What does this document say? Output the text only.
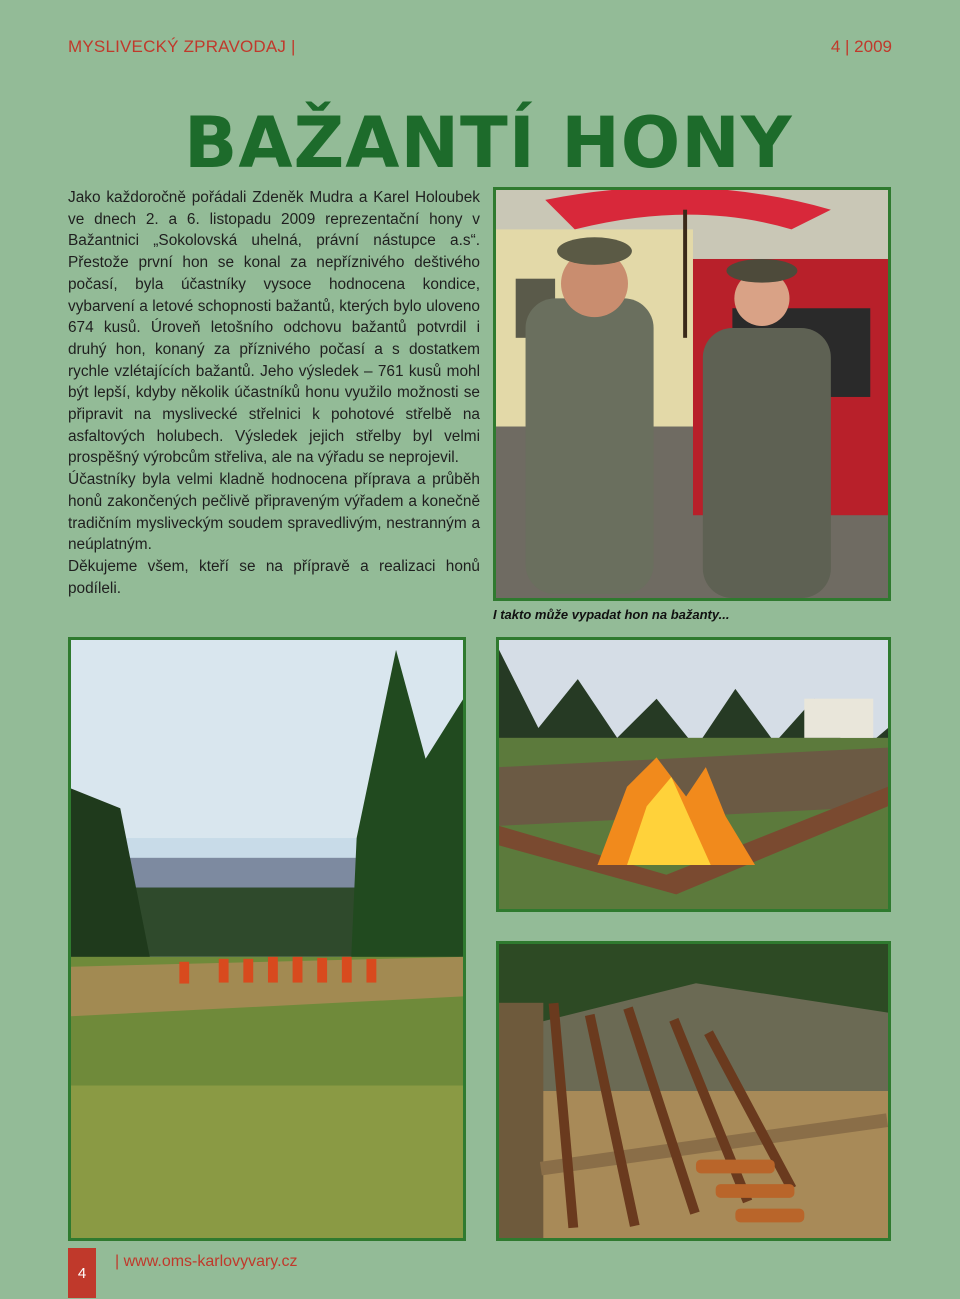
MYSLIVECKÝ ZPRAVODAJ |	4 | 2009
BAŽANTÍ HONY

Jako každoročně pořádali Zdeněk Mudra a Karel Holoubek ve dnech 2. a 6. listopadu 2009 reprezentační hony v Bažantnici „Sokolovská uhelná, právní nástupce a.s“. Přestože první hon se konal za nepříznivého deštivého počasí, byla účastníky vysoce hodnocena kondice, vybarvení a letové schopnosti bažantů, kterých bylo uloveno 674 kusů. Úroveň letošního odchovu bažantů potvrdil i druhý hon, konaný za příznivého počasí a s dostatkem rychle vzlétajících bažantů. Jeho výsledek – 761 kusů mohl být lepší, kdyby několik účastníků honu využilo možnosti se připravit na myslivecké střelnici k pohotové střelbě na asfaltových holubech. Výsledek jejich střelby byl velmi prospěšný výrobcům střeliva, ale na výřadu se neprojevil.

Účastníky byla velmi kladně hodnocena příprava a průběh honů zakončených pečlivě připraveným výřadem a konečně tradičním mysliveckým soudem spravedlivým, nestranným a neúplatným.

Děkujeme všem, kteří se na přípravě a realizaci honů podíleli.

I takto může vypadat hon na bažanty...
4
| www.oms-karlovyvary.cz
